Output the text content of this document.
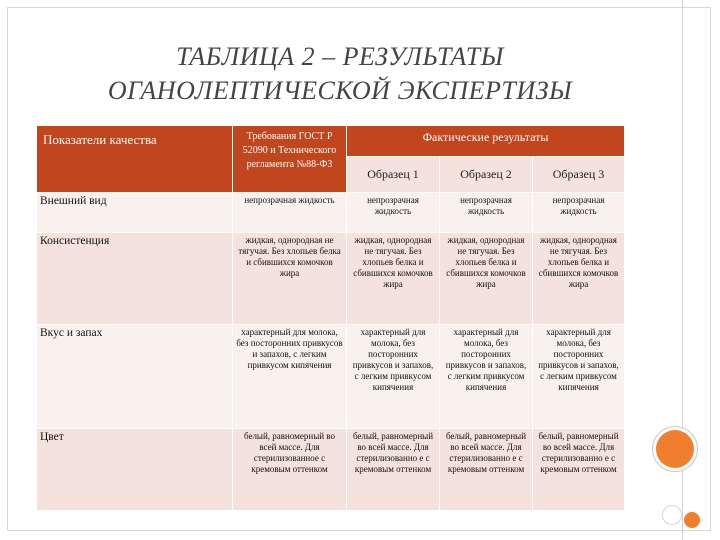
ТАБЛИЦА 2 – РЕЗУЛЬТАТЫ
ОГАНОЛЕПТИЧЕСКОЙ ЭКСПЕРТИЗЫ
Показатели качества	Требования ГОСТ Р 52090 и Технического регламента №88-ФЗ	Фактические результаты		
		Образец 1	Образец 2	Образец 3
Внешний вид	непрозрачная жидкость	непрозрачная жидкость	непрозрачная жидкость	непрозрачная жидкость
Консистенция	жидкая, однородная не тягучая. Без хлопьев белка и сбившихся комочков жира	жидкая, однородная не тягучая. Без хлопьев белка и сбившихся комочков жира	жидкая, однородная не тягучая. Без хлопьев белка и сбившихся комочков жира	жидкая, однородная не тягучая. Без хлопьев белка и сбившихся комочков жира
Вкус и запах	характерный для молока, без посторонних привкусов и запахов, с легким привкусом кипячения	характерный для молока, без посторонних привкусов и запахов, с легким привкусом кипячения	характерный для молока, без посторонних привкусов и запахов, с легким привкусом кипячения	характерный для молока, без посторонних привкусов и запахов, с легким привкусом кипячения
Цвет	белый, равномерный во всей массе. Для стерилизованное с кремовым оттенком	белый, равномерный во всей массе. Для стерилизованно е с кремовым оттенком	белый, равномерный во всей массе. Для стерилизованно е с кремовым оттенком	белый, равномерный во всей массе. Для стерилизованно е с кремовым оттенком
